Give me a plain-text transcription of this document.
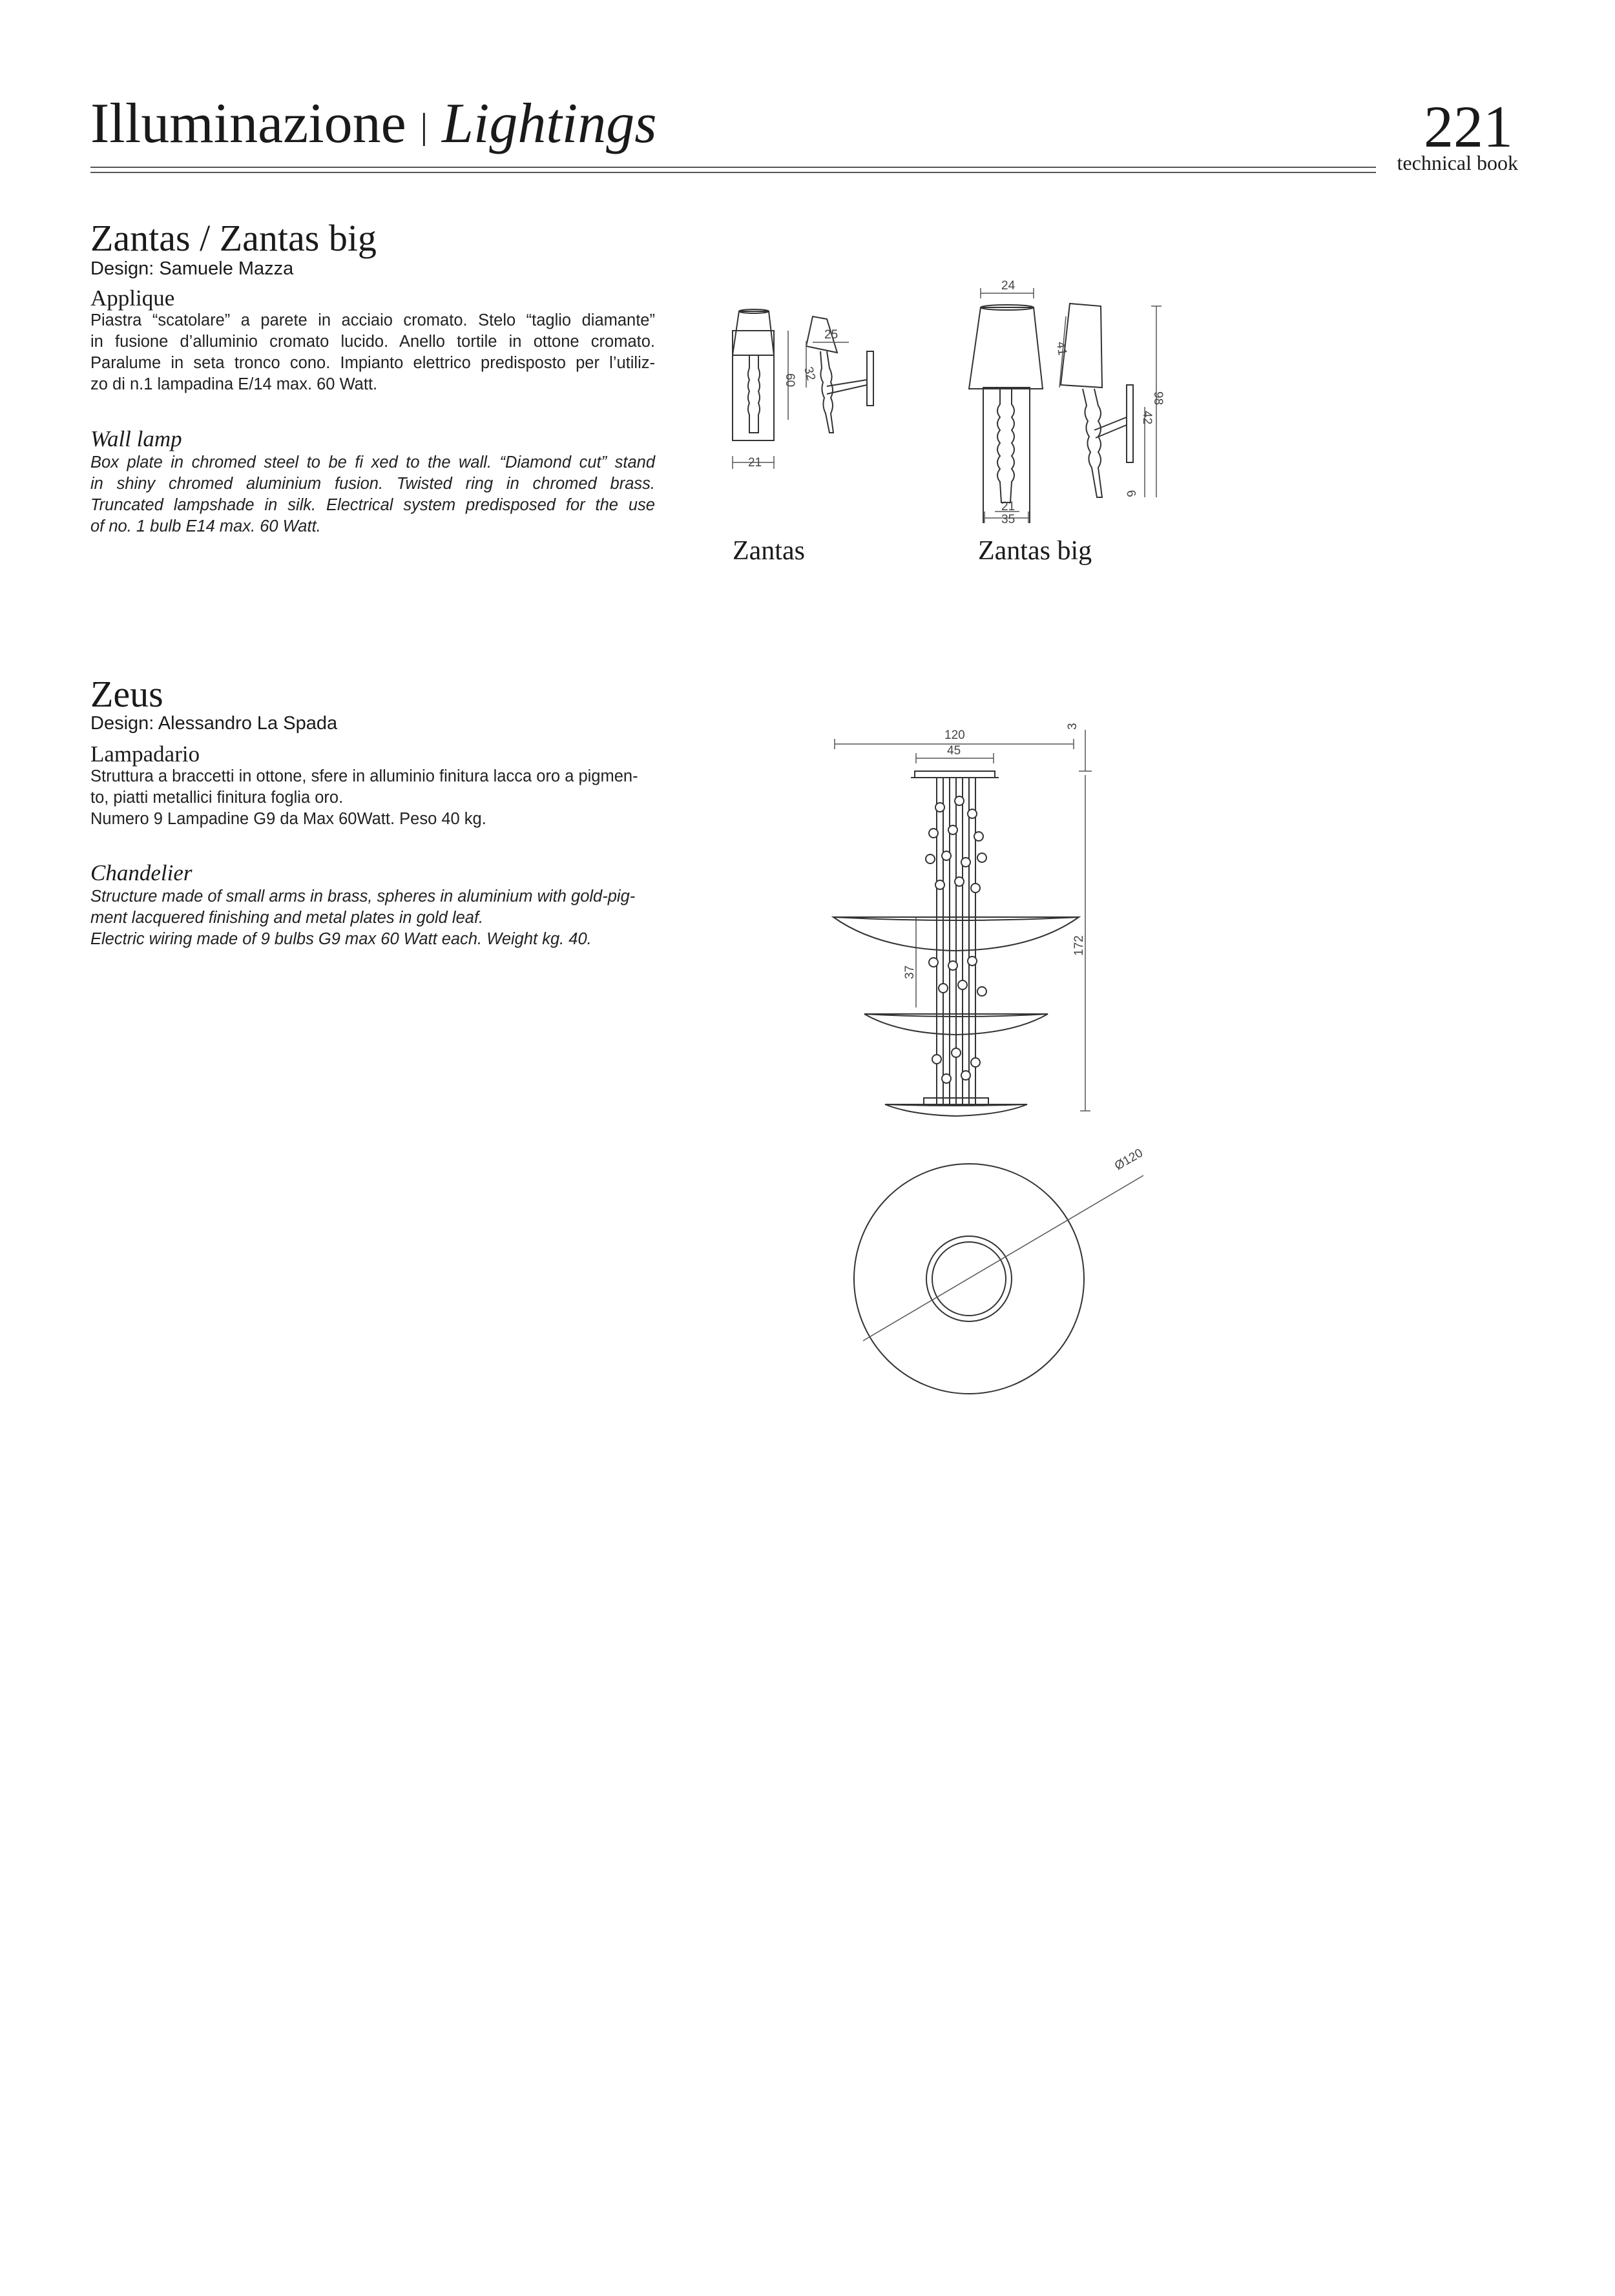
Illuminazione | Lightings	221
technical book
Zantas / Zantas big
Design: Samuele Mazza
Applique
Piastra “scatolare” a parete in acciaio cromato. Stelo “taglio diamante”
in fusione d’alluminio cromato lucido. Anello tortile in ottone cromato.
Paralume in seta tronco cono. Impianto elettrico predisposto per l’utiliz-
zo di n.1 lampadina E/14 max. 60 Watt.
Wall lamp
Box plate in chromed steel to be fi xed to the wall. “Diamond cut” stand
in shiny chromed aluminium fusion. Twisted ring in chromed brass.
Truncated lampshade in silk. Electrical system predisposed for the use
of no. 1 bulb E14 max. 60 Watt.
21
25
60 32
Zantas
24
41
98
42
21
35
6
Zantas big
Zeus
Design: Alessandro La Spada
Lampadario
Struttura a braccetti in ottone, sfere in alluminio finitura lacca oro a pigmen-
to, piatti metallici finitura foglia oro.
Numero 9 Lampadine G9 da Max 60Watt. Peso 40 kg.
Chandelier
Structure made of small arms in brass, spheres in aluminium with gold-pig-
ment lacquered finishing and metal plates in gold leaf.
Electric wiring made of 9 bulbs G9 max 60 Watt each. Weight kg. 40.
120
45
3
172
37
Ø120
